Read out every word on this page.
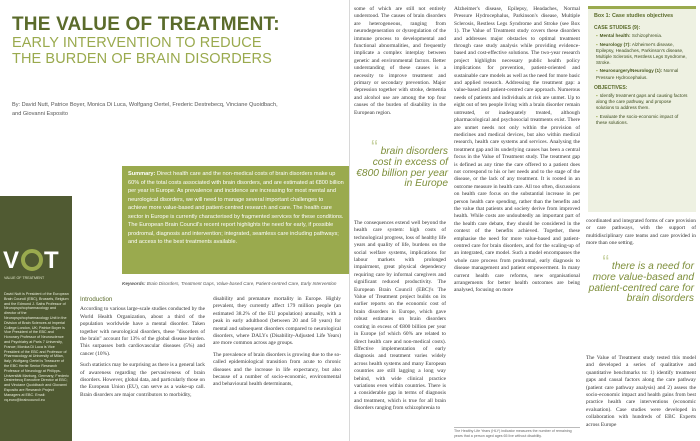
THE VALUE OF TREATMENT:
EARLY INTERVENTION TO REDUCE
THE BURDEN OF BRAIN DISORDERS
By: David Nutt, Patrice Boyer, Monica Di Luca, Wolfgang Oertel, Frederic Destrebecq, Vinciane Quoidbach,
and Giovanni Esposito
V T
VALUE OF TREATMENT
David Nutt is President of the European Brain Council (EBC), Brussels, Belgium and the Edmond J. Safra Professor of Neuropsychopharmacology and director of the Neuropsychopharmacology Unit in the Division of Brain Sciences at Imperial College London, UK; Patrice Boyer is Vice President of the EBC and Honorary Professor of Neuroscience and Psychiatry at Paris 7 University, France; Monica Di Luca is Vice President of the EBC and Professor of Pharmacology at University of Milan, Italy; Wolfgang Oertel is Treasurer of the EBC Hertie Senior Research Professor of Neurology at Philipps-Universität Marburg, Germany; Frederic Destrebecq Executive Director at EBC; and Vinciane Quoidbach and Giovanni Esposito are Research Project Managers at EBC. Email: vq.euro@braincouncil.eu
Summary: Direct health care and the non-medical costs of brain disorders make up 60% of the total costs associated with brain disorders, and are estimated at €800 billion per year in Europe. As prevalence and incidence are increasing for most mental and neurological disorders, we will need to manage several important challenges to achieve more value-based and patient-centred research and care. The health care sector in Europe is currently characterised by fragmented services for these conditions. The European Brain Council's recent report highlights the need for early, if possible prodromal, diagnosis and intervention; integrated, seamless care including pathways; and access to the best treatments available.
Keywords: Brain Disorders, Treatment Gaps, Value-based Care, Patient-centred Care, Early Intervention
Introduction

According to various large-scale studies conducted by the World Health Organization, about a third of the population worldwide have a mental disorder. Taken together with neurological disorders, these "disorders of the brain" account for 13% of the global disease burden. This surpasses both cardiovascular diseases (5%) and cancer (10%).

Such statistics may be surprising as there is a general lack of awareness regarding the pervasiveness of brain disorders. However, global data, and particularly those on the European Union (EU), can serve as a wake-up call. Brain disorders are major contributors to morbidity,

disability and premature mortality in Europe. Highly prevalent, they currently affect 179 million people (an estimated 38.2% of the EU population) annually, with a peak in early adulthood (between 20 and 50 years) for mental and subsequent disorders compared to neurological disorders, where DALYs (Disability-Adjusted Life Years) are more common across age groups.

The prevalence of brain disorders is growing due to the so-called epidemiological transition from acute to chronic diseases and the increase in life expectancy, but also because of a number of socio-economic, environmental and behavioural health determinants,

some of which are still not entirely understood. The causes of brain disorders are heterogeneous, ranging from neurodegeneration or dysregulation of the immune process to developmental and functional abnormalities, and frequently implicate a complex interplay between genetic and environmental factors. Better understanding of these causes is a necessity to improve treatment and primary or secondary prevention. Major depression together with stroke, dementia and alcohol use are among the top four causes of the burden of disability in the European region.
“ brain disorders cost in excess of €800 billion per year in Europe
The consequences extend well beyond the health care system: high costs of technological progress, loss of healthy life years and quality of life, burdens on the social welfare systems, implications for labour markets with prolonged impairment, great physical dependency requiring care by informal caregivers and significant reduced productivity. The European Brain Council (EBC)'s The Value of Treatment project builds on its earlier reports on the economic cost of brain disorders in Europe, which gave robust estimates on brain disorders costing in excess of €800 billion per year in Europe (of which 60% are related to direct health care and non-medical costs). Effective implementation of early diagnosis and treatment varies widely across health systems and many European countries are still lagging a long way behind, with wide clinical practice variations even within countries. There is a considerable gap in terms of diagnosis and treatment, which is true for all brain disorders ranging from schizophrenia to
Alzheimer's disease, Epilepsy, Headaches, Normal Pressure Hydrocephalus, Parkinson's disease, Multiple Sclerosis, Restless Legs Syndrome and Stroke (see Box 1). The Value of Treatment study covers these disorders and addresses major obstacles to optimal treatment through case study analysis while providing evidence-based and cost-effective solutions. The two-year research project highlights necessary public health policy implications for prevention, patient-oriented and sustainable care models as well as the need for more basic and applied research. Addressing the treatment gap: a value-based and patient-centred care approach. Numerous needs of patients and individuals at risk are unmet. Up to eight out of ten people living with a brain disorder remain untreated, or inadequately treated, although pharmacological and psychosocial treatments exist. There are unmet needs not only within the provision of medicines and medical devices, but also within medical research, health care systems and services. Analysing the treatment gap and its underlying causes has been a central focus in the Value of Treatment study. The treatment gap is defined as any time the care offered to a patient does not correspond to his or her needs and to the stage of the disease, or the lack of any treatment. It is rooted in an outcome measure in health care. All too often, discussions on health care focus on the substantial increase in per person health care spending, rather than the benefits and the value that patients and society derive from improved health. While costs are undoubtedly an important part of the health care debate, they should be considered in the context of the benefits achieved. Together, these emphasise the need for more value-based and patient-centred care for brain disorders, and for the scaling-up of an integrated, care model. Such a model encompasses the whole care process from prodromal, early diagnosis to disease management and patient empowerment. In many current health care reforms, new organisational arrangements for better health outcomes are being analysed, focusing on more
The Healthy Life Years (HLY) indicator measures the number of remaining years that a person aged ages 65 live without disability.
Box 1: Case studies objectives
CASE STUDIES (9):
▪ Mental health: Schizophrenia.
▪ Neurology (7): Alzheimer's disease, Epilepsy, Headaches, Parkinson's disease, Multiple Sclerosis, Restless Legs Syndrome, Stroke.
▪ Neurosurgery/Neurology (1): Normal Pressure Hydrocephalus.
OBJECTIVES:
▪ Identify treatment gaps and causing factors along the care pathway, and propose solutions to address them.
▪ Evaluate the socio-economic impact of these solutions.
coordinated and integrated forms of care provision or care pathways, with the support of multidisciplinary care teams and care provided in more than one setting.
“ there is a need for more value-based and patient-centred care for brain disorders
The Value of Treatment study tested this model and developed a series of qualitative and quantitative benchmarks to: 1) identify treatment gaps and causal factors along the care pathway (patient care pathway analysis) and 2) assess the socio-economic impact and health gains from best practice health care interventions (economic evaluation). Case studies were developed in collaboration with hundreds of EBC Experts across Europe
